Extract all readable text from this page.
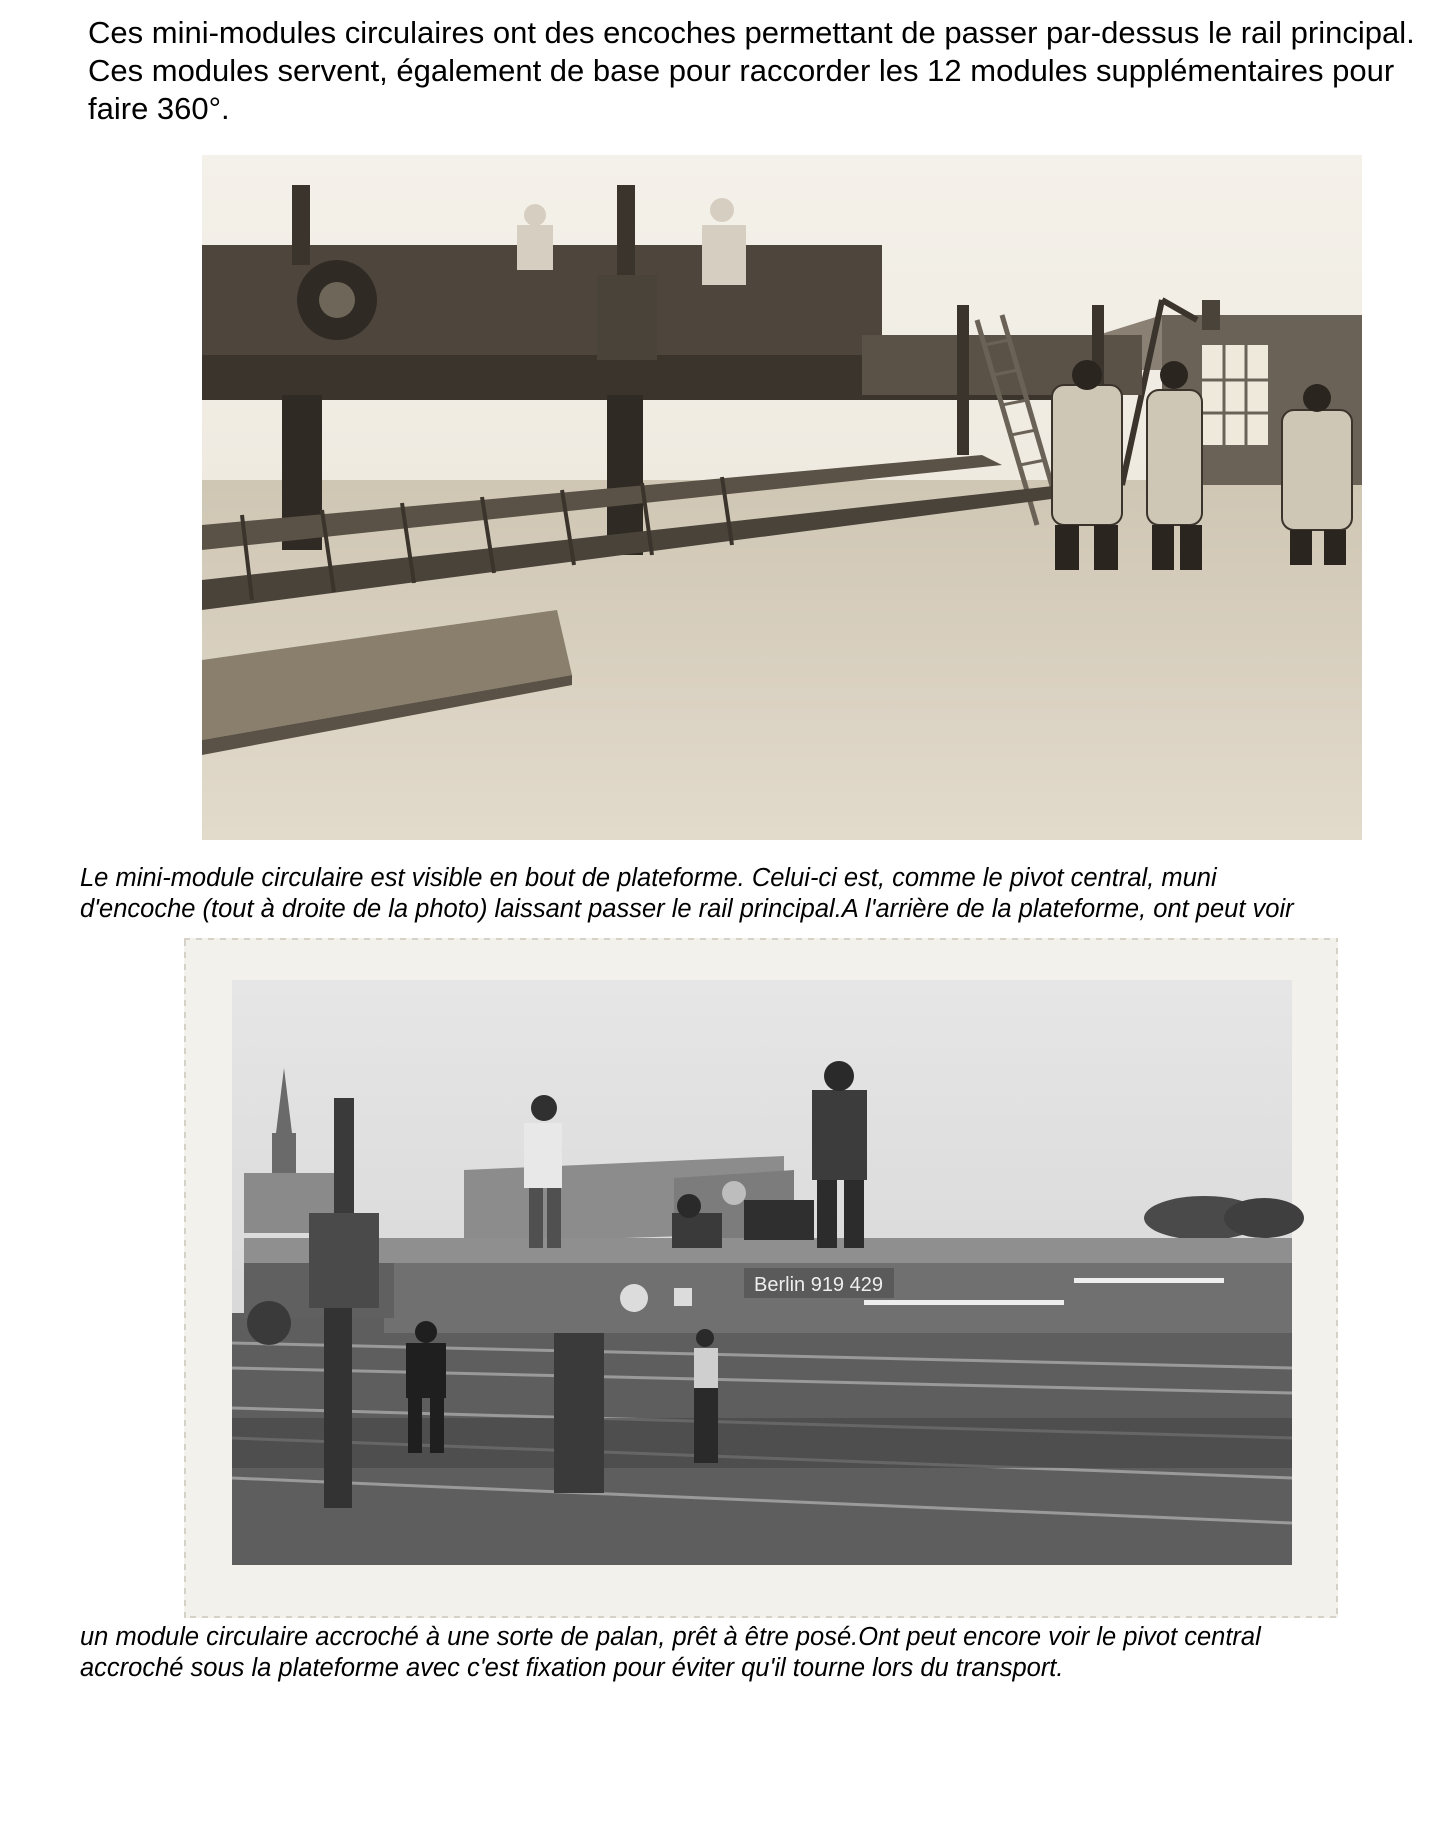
Ces mini-modules circulaires ont des encoches permettant de passer par-dessus le rail principal. Ces modules servent, également de base pour raccorder les 12 modules supplémentaires pour faire 360°.

Le mini-module circulaire est visible en bout de plateforme. Celui-ci est, comme le pivot central, muni
d'encoche (tout à droite de la photo) laissant passer le rail principal.A l'arrière de la plateforme, ont peut voir

Berlin 919 429

un module circulaire accroché à une sorte de palan, prêt à être posé.Ont peut encore voir le pivot central
accroché sous la plateforme avec c'est fixation pour éviter qu'il tourne lors du transport.
